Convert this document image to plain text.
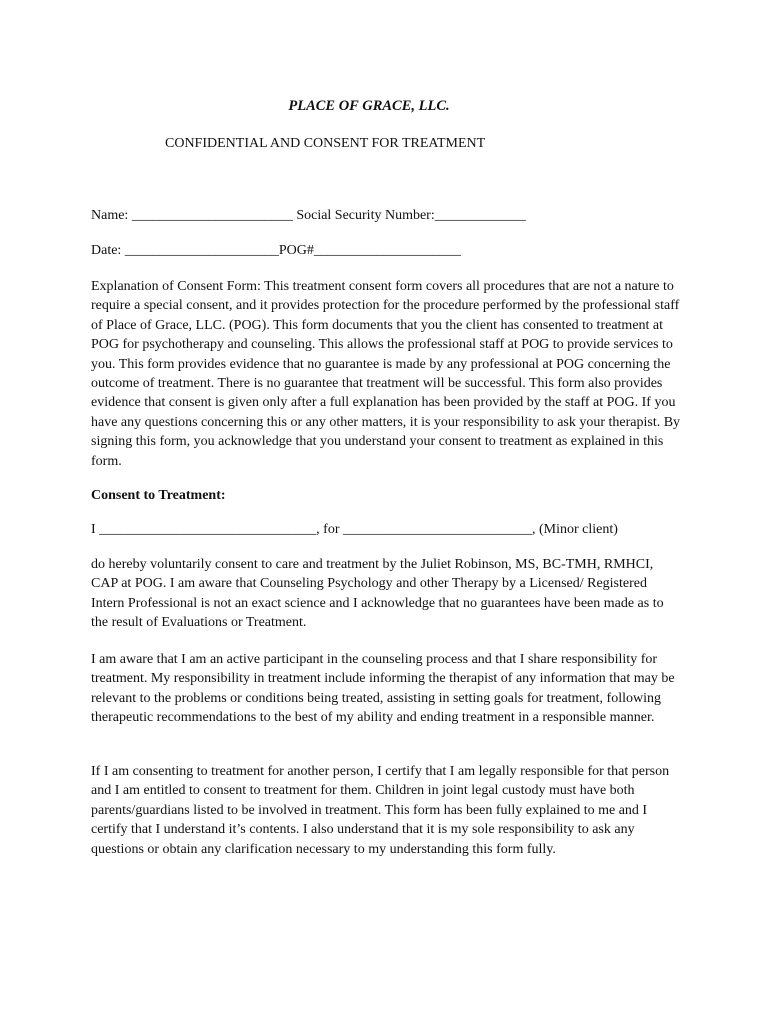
PLACE OF GRACE, LLC.
CONFIDENTIAL AND CONSENT FOR TREATMENT
Name: _______________________ Social Security Number:_____________
Date: ______________________POG#_____________________

Explanation of Consent Form: This treatment consent form covers all procedures that are not a nature to require a special consent, and it provides protection for the procedure performed by the professional staff of Place of Grace, LLC. (POG). This form documents that you the client has consented to treatment at POG for psychotherapy and counseling. This allows the professional staff at POG to provide services to you. This form provides evidence that no guarantee is made by any professional at POG concerning the outcome of treatment. There is no guarantee that treatment will be successful. This form also provides evidence that consent is given only after a full explanation has been provided by the staff at POG. If you have any questions concerning this or any other matters, it is your responsibility to ask your therapist. By signing this form, you acknowledge that you understand your consent to treatment as explained in this form.

Consent to Treatment:
I _______________________________, for ___________________________, (Minor client)

do hereby voluntarily consent to care and treatment by the Juliet Robinson, MS, BC-TMH, RMHCI, CAP at POG. I am aware that Counseling Psychology and other Therapy by a Licensed/ Registered Intern Professional is not an exact science and I acknowledge that no guarantees have been made as to the result of Evaluations or Treatment.

I am aware that I am an active participant in the counseling process and that I share responsibility for treatment. My responsibility in treatment include informing the therapist of any information that may be relevant to the problems or conditions being treated, assisting in setting goals for treatment, following therapeutic recommendations to the best of my ability and ending treatment in a responsible manner.

If I am consenting to treatment for another person, I certify that I am legally responsible for that person and I am entitled to consent to treatment for them. Children in joint legal custody must have both parents/guardians listed to be involved in treatment. This form has been fully explained to me and I certify that I understand it’s contents. I also understand that it is my sole responsibility to ask any questions or obtain any clarification necessary to my understanding this form fully.
